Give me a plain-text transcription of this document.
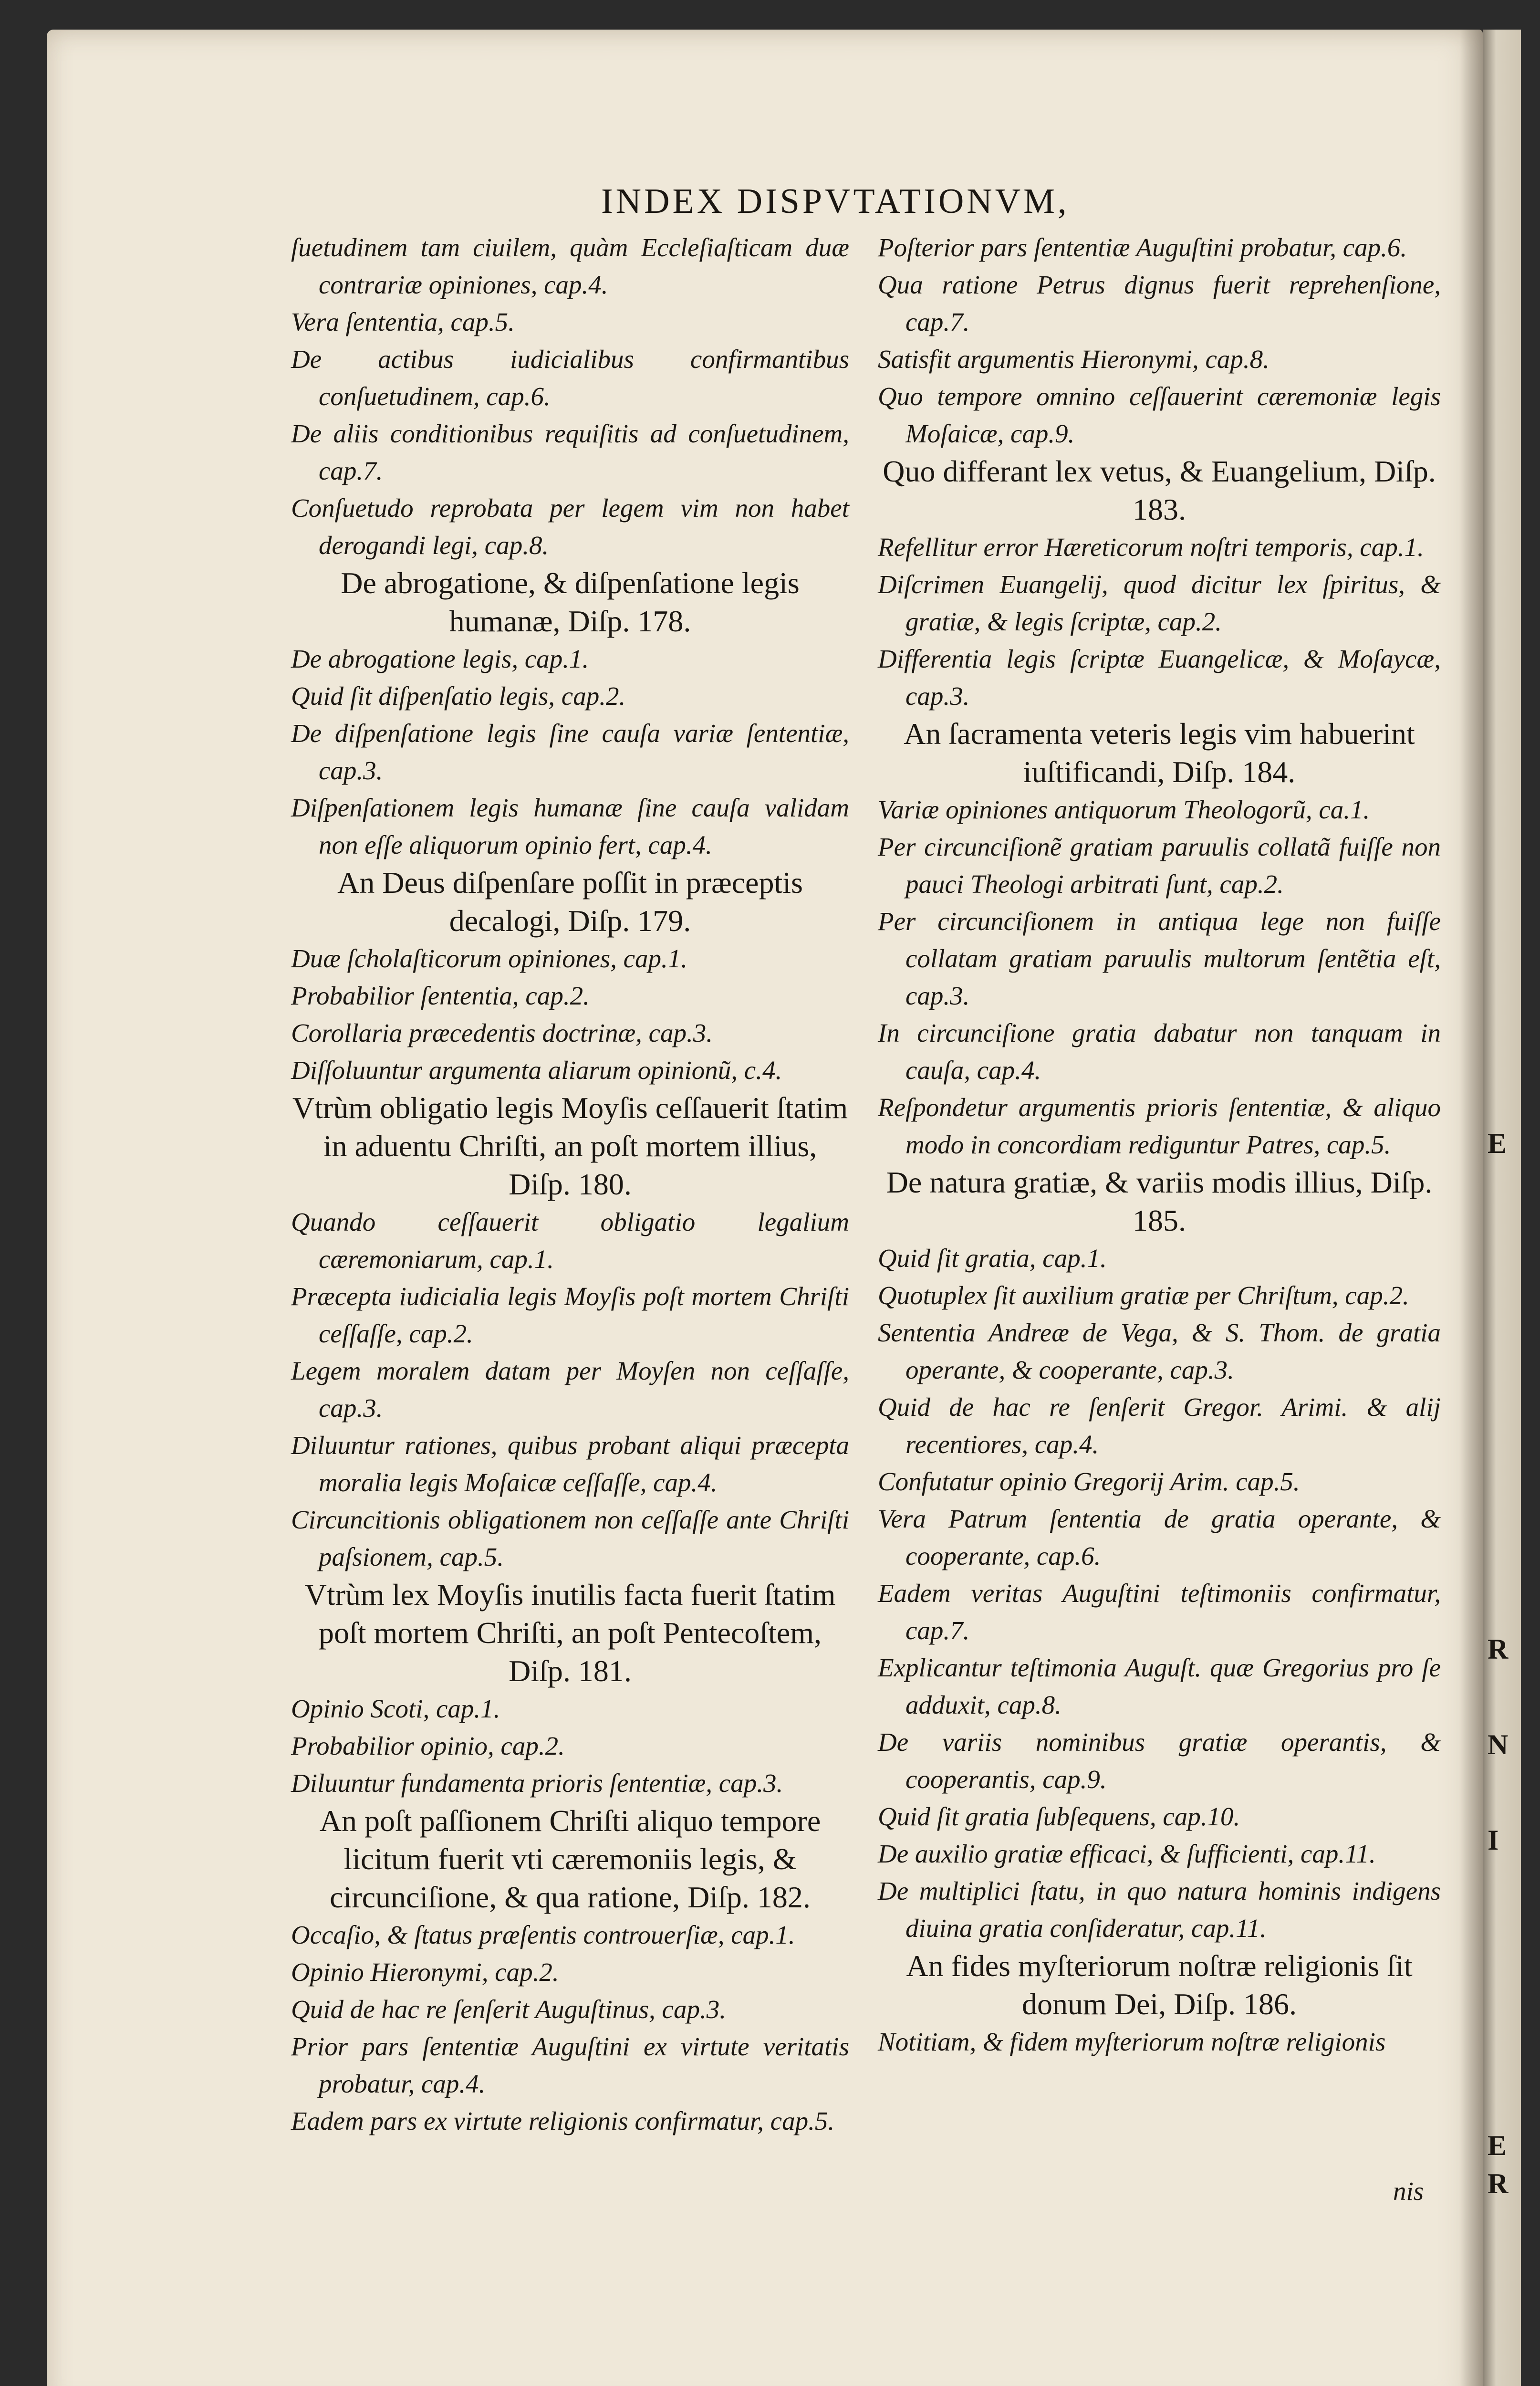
E
R
N
I
E
R
INDEX DISPVTATIONVM,

ſuetudinem tam ciuilem, quàm Eccleſiaſticam duæ contrariæ opiniones, cap.4.

Vera ſententia, cap.5.

De actibus iudicialibus confirmantibus conſuetudinem, cap.6.

De aliis conditionibus requiſitis ad conſuetudinem, cap.7.

Conſuetudo reprobata per legem vim non habet derogandi legi, cap.8.

De abrogatione, & diſpenſatione legis humanæ, Diſp. 178.

De abrogatione legis, cap.1.

Quid ſit diſpenſatio legis, cap.2.

De diſpenſatione legis ſine cauſa variæ ſententiæ, cap.3.

Diſpenſationem legis humanæ ſine cauſa validam non eſſe aliquorum opinio fert, cap.4.

An Deus diſpenſare poſſit in præceptis decalogi, Diſp. 179.

Duæ ſcholaſticorum opiniones, cap.1.

Probabilior ſententia, cap.2.

Corollaria præcedentis doctrinæ, cap.3.

Diſſoluuntur argumenta aliarum opinionũ, c.4.

Vtrùm obligatio legis Moyſis ceſſauerit ſtatim in aduentu Chriſti, an poſt mortem illius, Diſp. 180.

Quando ceſſauerit obligatio legalium cæremoniarum, cap.1.

Præcepta iudicialia legis Moyſis poſt mortem Chriſti ceſſaſſe, cap.2.

Legem moralem datam per Moyſen non ceſſaſſe, cap.3.

Diluuntur rationes, quibus probant aliqui præcepta moralia legis Moſaicæ ceſſaſſe, cap.4.

Circuncitionis obligationem non ceſſaſſe ante Chriſti paſsionem, cap.5.

Vtrùm lex Moyſis inutilis facta fuerit ſtatim poſt mortem Chriſti, an poſt Pentecoſtem, Diſp. 181.

Opinio Scoti, cap.1.

Probabilior opinio, cap.2.

Diluuntur fundamenta prioris ſententiæ, cap.3.

An poſt paſſionem Chriſti aliquo tempore licitum fuerit vti cæremoniis legis, & circunciſione, & qua ratione, Diſp. 182.

Occaſio, & ſtatus præſentis controuerſiæ, cap.1.

Opinio Hieronymi, cap.2.

Quid de hac re ſenſerit Auguſtinus, cap.3.

Prior pars ſententiæ Auguſtini ex virtute veritatis probatur, cap.4.

Eadem pars ex virtute religionis confirmatur, cap.5.

Poſterior pars ſententiæ Auguſtini probatur, cap.6.

Qua ratione Petrus dignus fuerit reprehenſione, cap.7.

Satisfit argumentis Hieronymi, cap.8.

Quo tempore omnino ceſſauerint cæremoniæ legis Moſaicæ, cap.9.

Quo differant lex vetus, & Euangelium, Diſp. 183.

Refellitur error Hæreticorum noſtri temporis, cap.1.

Diſcrimen Euangelij, quod dicitur lex ſpiritus, & gratiæ, & legis ſcriptæ, cap.2.

Differentia legis ſcriptæ Euangelicæ, & Moſaycæ, cap.3.

An ſacramenta veteris legis vim habuerint iuſtificandi, Diſp. 184.

Variæ opiniones antiquorum Theologorũ, ca.1.

Per circunciſionẽ gratiam paruulis collatã fuiſſe non pauci Theologi arbitrati ſunt, cap.2.

Per circunciſionem in antiqua lege non fuiſſe collatam gratiam paruulis multorum ſentẽtia eſt, cap.3.

In circunciſione gratia dabatur non tanquam in cauſa, cap.4.

Reſpondetur argumentis prioris ſententiæ, & aliquo modo in concordiam rediguntur Patres, cap.5.

De natura gratiæ, & variis modis illius, Diſp. 185.

Quid ſit gratia, cap.1.

Quotuplex ſit auxilium gratiæ per Chriſtum, cap.2.

Sententia Andreæ de Vega, & S. Thom. de gratia operante, & cooperante, cap.3.

Quid de hac re ſenſerit Gregor. Arimi. & alij recentiores, cap.4.

Confutatur opinio Gregorij Arim. cap.5.

Vera Patrum ſententia de gratia operante, & cooperante, cap.6.

Eadem veritas Auguſtini teſtimoniis confirmatur, cap.7.

Explicantur teſtimonia Auguſt. quæ Gregorius pro ſe adduxit, cap.8.

De variis nominibus gratiæ operantis, & cooperantis, cap.9.

Quid ſit gratia ſubſequens, cap.10.

De auxilio gratiæ efficaci, & ſufficienti, cap.11.

De multiplici ſtatu, in quo natura hominis indigens diuina gratia conſideratur, cap.11.

An fides myſteriorum noſtræ religionis ſit donum Dei, Diſp. 186.

Notitiam, & fidem myſteriorum noſtræ religionis

nis
